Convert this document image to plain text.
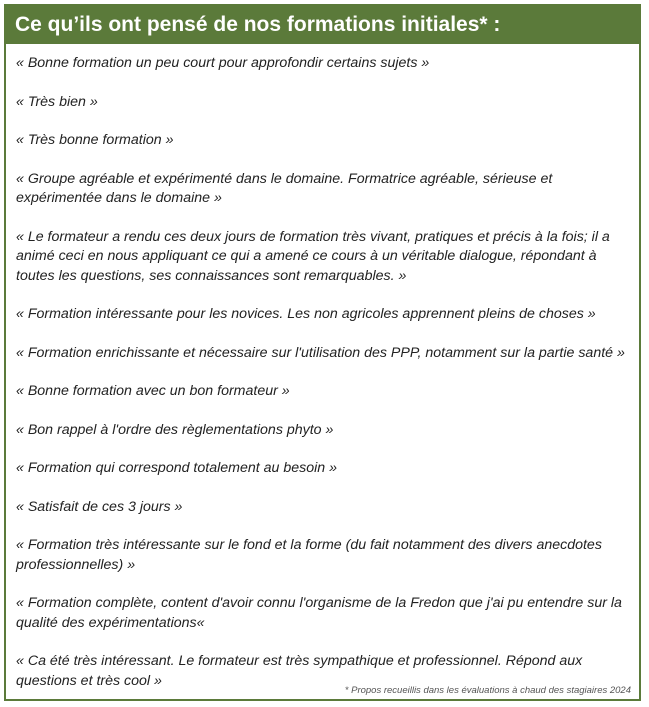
Ce qu’ils ont pensé de nos formations initiales* :
« Bonne formation un peu court pour approfondir certains sujets »
« Très bien »
« Très bonne formation »
« Groupe agréable et expérimenté dans le domaine. Formatrice agréable, sérieuse et expérimentée dans le domaine »
« Le formateur a rendu ces deux jours de formation très vivant, pratiques et précis à la fois; il a animé ceci en nous appliquant ce qui a amené ce cours à un véritable dialogue, répondant à toutes les questions, ses connaissances sont remarquables. »
« Formation intéressante pour les novices. Les non agricoles apprennent pleins de choses »
« Formation enrichissante et nécessaire sur l'utilisation des PPP, notamment sur la partie santé »
« Bonne formation avec un bon formateur »
« Bon rappel à l'ordre des règlementations phyto »
« Formation qui correspond totalement au besoin »
« Satisfait de ces 3 jours »
« Formation très intéressante sur le fond et la forme (du fait notamment des divers anecdotes professionnelles) »
« Formation complète, content d'avoir connu l'organisme de la Fredon que j'ai pu entendre sur la qualité des expérimentations«
« Ca été très intéressant. Le formateur est très sympathique et professionnel. Répond aux questions et très cool »
* Propos recueillis dans les évaluations à chaud des stagiaires 2024
